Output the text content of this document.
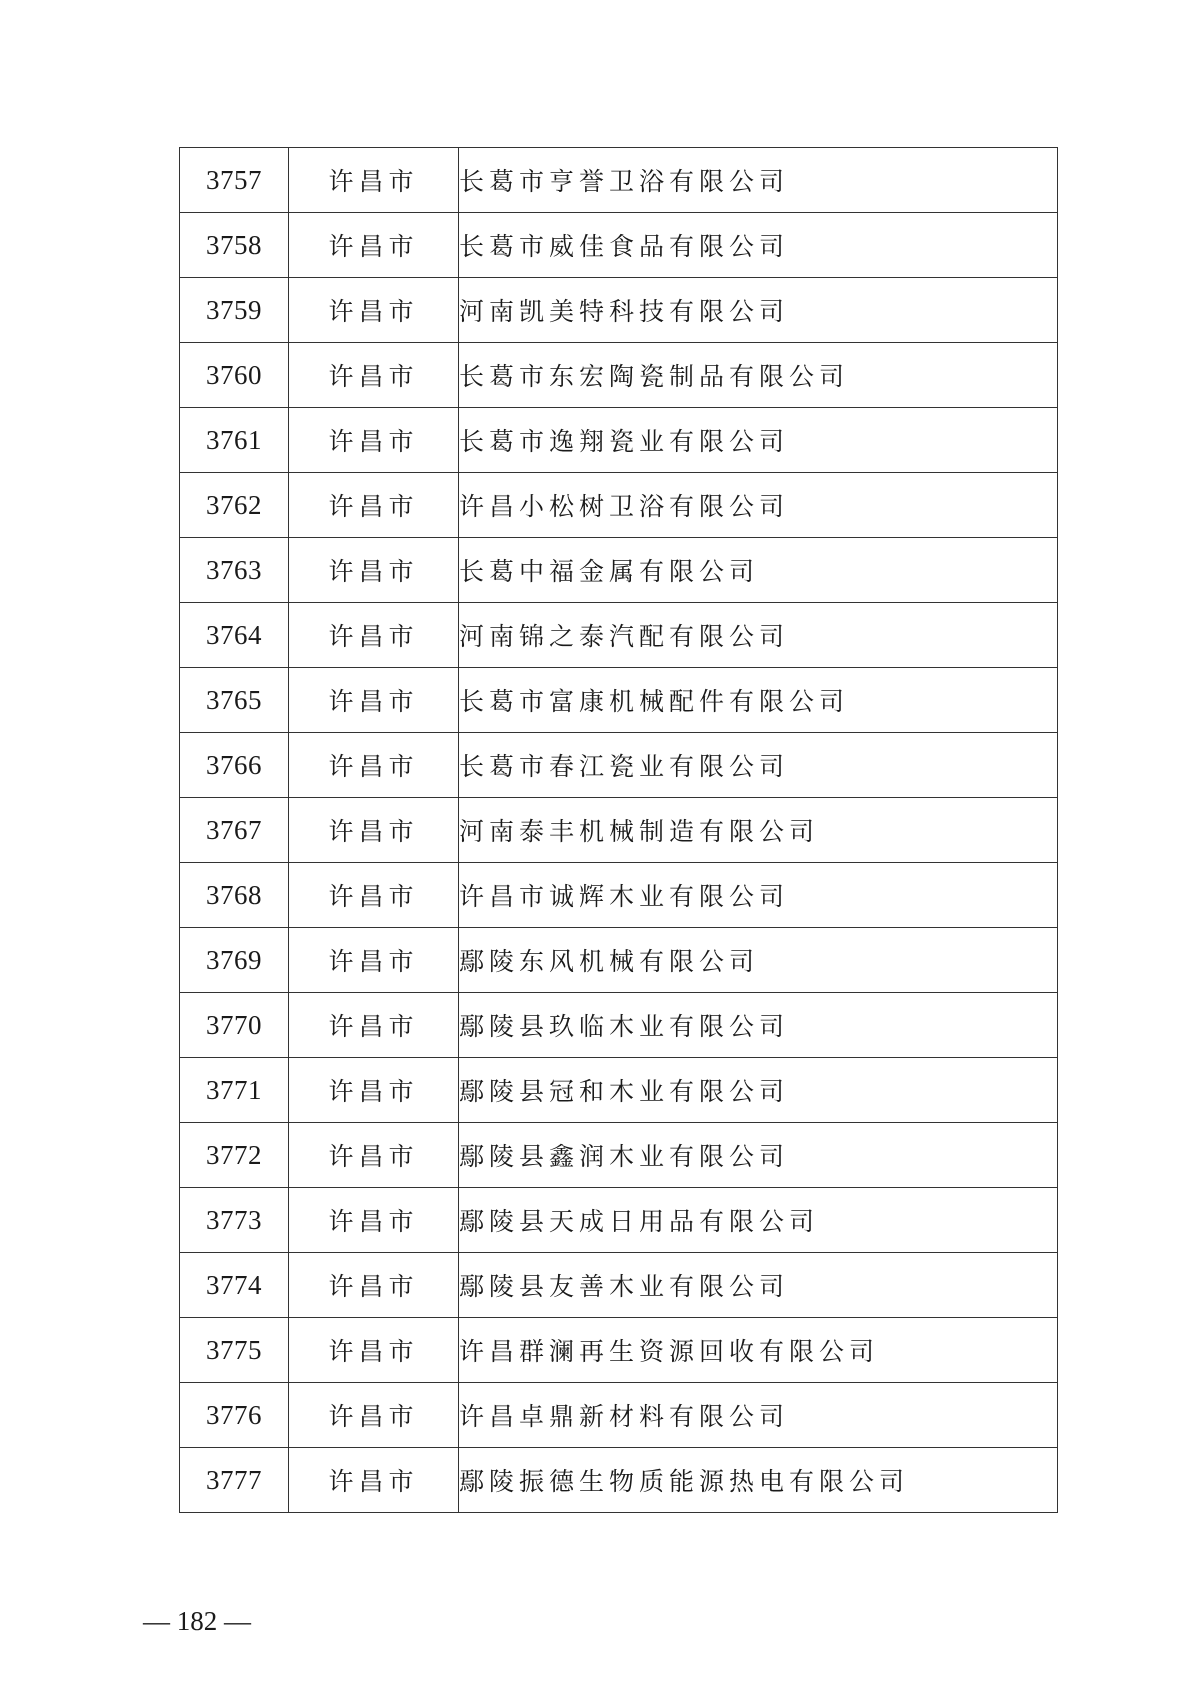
3757	许昌市	长葛市亨誉卫浴有限公司
3758	许昌市	长葛市威佳食品有限公司
3759	许昌市	河南凯美特科技有限公司
3760	许昌市	长葛市东宏陶瓷制品有限公司
3761	许昌市	长葛市逸翔瓷业有限公司
3762	许昌市	许昌小松树卫浴有限公司
3763	许昌市	长葛中福金属有限公司
3764	许昌市	河南锦之泰汽配有限公司
3765	许昌市	长葛市富康机械配件有限公司
3766	许昌市	长葛市春江瓷业有限公司
3767	许昌市	河南泰丰机械制造有限公司
3768	许昌市	许昌市诚辉木业有限公司
3769	许昌市	鄢陵东风机械有限公司
3770	许昌市	鄢陵县玖临木业有限公司
3771	许昌市	鄢陵县冠和木业有限公司
3772	许昌市	鄢陵县鑫润木业有限公司
3773	许昌市	鄢陵县天成日用品有限公司
3774	许昌市	鄢陵县友善木业有限公司
3775	许昌市	许昌群澜再生资源回收有限公司
3776	许昌市	许昌卓鼎新材料有限公司
3777	许昌市	鄢陵振德生物质能源热电有限公司
— 182 —
